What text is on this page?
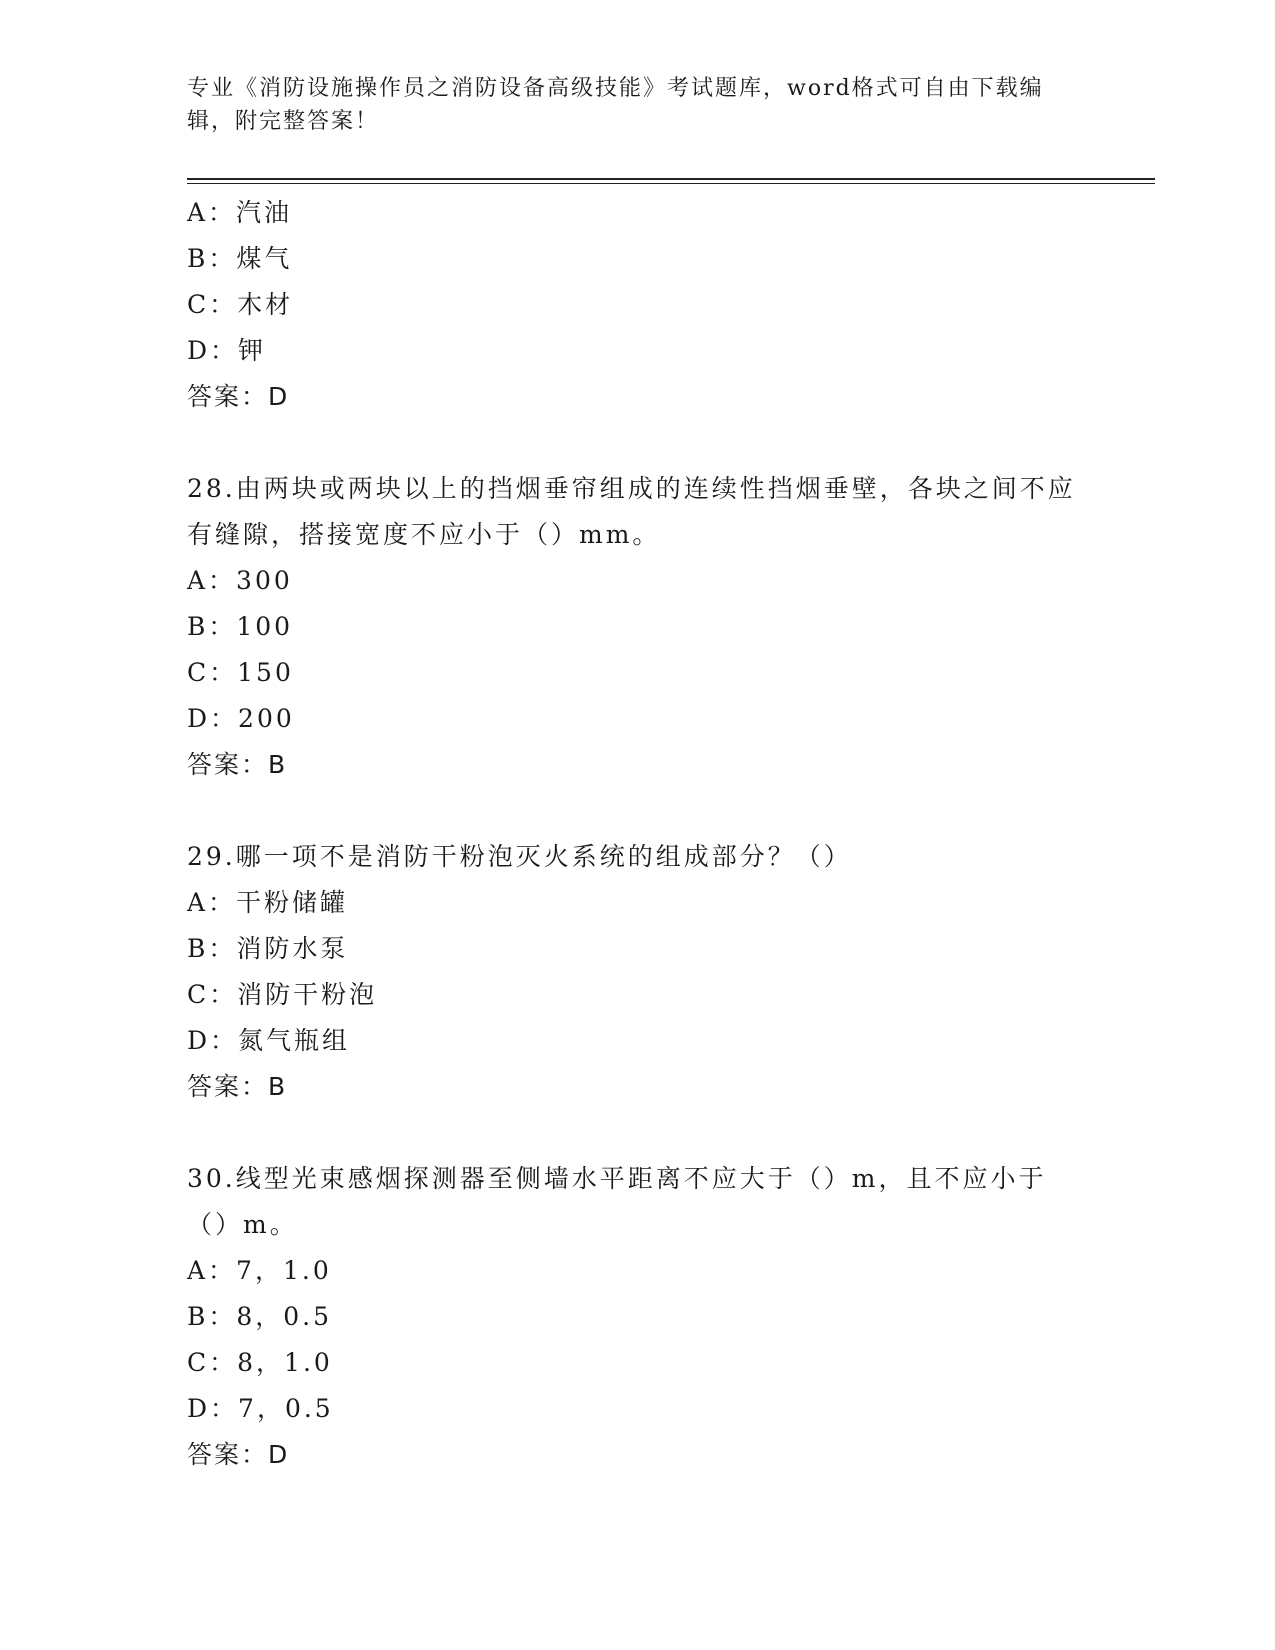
专业《消防设施操作员之消防设备高级技能》考试题库，word格式可自由下载编辑，附完整答案！
A：汽油
B：煤气
C：木材
D：钾
答案：D
28.由两块或两块以上的挡烟垂帘组成的连续性挡烟垂壁，各块之间不应有缝隙，搭接宽度不应小于（）mm。
A：300
B：100
C：150
D：200
答案：B
29.哪一项不是消防干粉泡灭火系统的组成部分？（）
A：干粉储罐
B：消防水泵
C：消防干粉泡
D：氮气瓶组
答案：B
30.线型光束感烟探测器至侧墙水平距离不应大于（）m，且不应小于（）m。
A：7，1.0
B：8，0.5
C：8，1.0
D：7，0.5
答案：D
